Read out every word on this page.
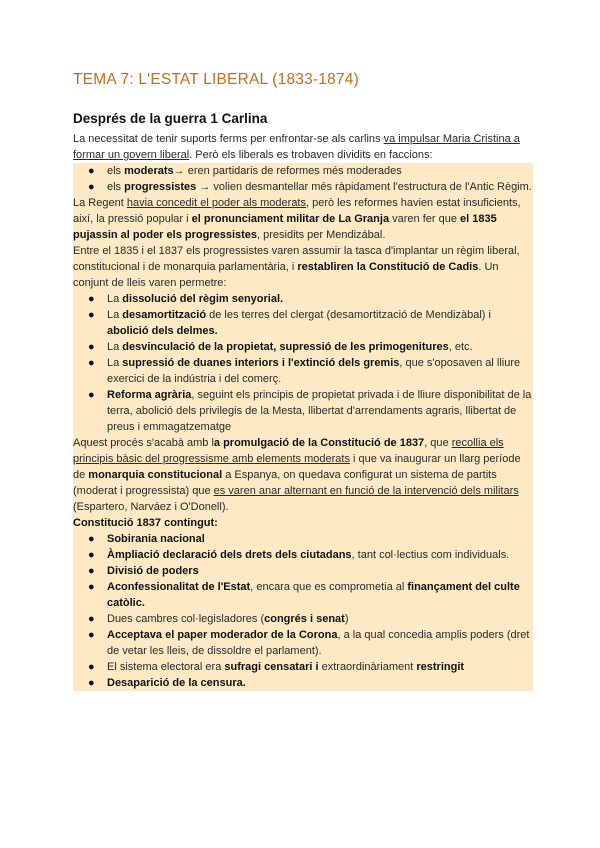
TEMA 7: L'ESTAT LIBERAL (1833-1874)
Després de la guerra 1 Carlina

La necessitat de tenir suports ferms per enfrontar-se als carlins va impulsar Maria Cristina a formar un govern liberal. Però els liberals es trobaven dividits en faccions:

● els moderats→ eren partidaris de reformes més moderades
● els progressistes → volien desmantellar més ràpidament l'estructura de l'Antic Règim.

La Regent havia concedit el poder als moderats, però les reformes havien estat insuficients, així, la pressió popular i el pronunciament militar de La Granja varen fer que el 1835 pujassin al poder els progressistes, presidits per Mendizábal.

Entre el 1835 i el 1837 els progressistes varen assumir la tasca d'implantar un règim liberal, constitucional i de monarquia parlamentària, i restabliren la Constitució de Cadis. Un conjunt de lleis varen permetre:

● La dissolució del règim senyorial.
● La desamortització de les terres del clergat (desamortització de Mendizàbal) i abolició dels delmes.
● La desvinculació de la propietat, supressió de les primogenitures, etc.
● La supressió de duanes interiors i l'extinció dels gremis, que s'oposaven al lliure exercici de la indústria i del comerç.
● Reforma agrària, seguint els principis de propietat privada i de lliure disponibilitat de la terra, abolició dels privilegis de la Mesta, llibertat d'arrendaments agraris, llibertat de preus i emmagatzematge

Aquest procés s'acabà amb la promulgació de la Constitució de 1837, que recollia els principis bàsic del progressisme amb elements moderats i que va inaugurar un llarg període de monarquia constitucional a Espanya, on quedava configurat un sistema de partits (moderat i progressista) que es varen anar alternant en funció de la intervenció dels militars (Espartero, Narváez i O'Donell).

Constitució 1837 contingut:

● Sobirania nacional
● Àmpliació declaració dels drets dels ciutadans, tant col·lectius com individuals.
● Divisió de poders
● Aconfessionalitat de l'Estat, encara que es comprometia al finançament del culte catòlic.
● Dues cambres col·legisladores (congrés i senat)
● Acceptava el paper moderador de la Corona, a la qual concedia amplis poders (dret de vetar les lleis, de dissoldre el parlament).
● El sistema electoral era sufragi censatari i extraordinàriament restringit
● Desaparició de la censura.
